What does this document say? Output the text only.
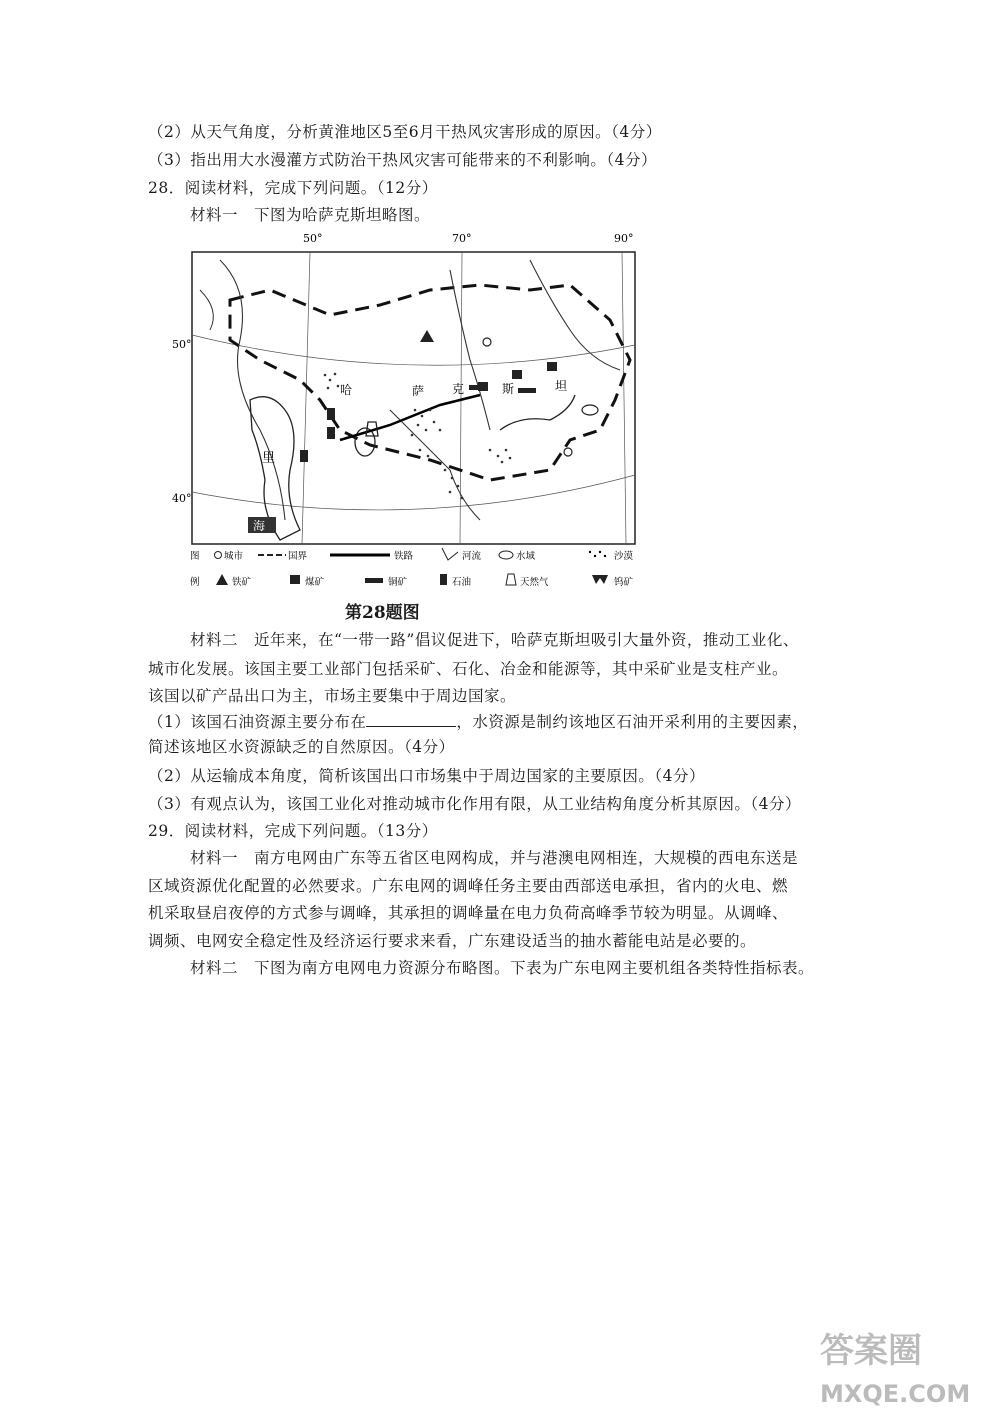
（2）从天气角度，分析黄淮地区5至6月干热风灾害形成的原因。（4分）
（3）指出用大水漫灌方式防治干热风灾害可能带来的不利影响。（4分）
28．阅读材料，完成下列问题。（12分）
材料一　下图为哈萨克斯坦略图。
50°	70°	90°
50°
40°
哈	萨 克	斯	坦
里
海
图	城市	国界	铁路	河流	水域	沙漠
例	铁矿	煤矿	铜矿	石油	天然气	钨矿
第28题图
材料二　近年来，在“一带一路”倡议促进下，哈萨克斯坦吸引大量外资，推动工业化、
城市化发展。该国主要工业部门包括采矿、石化、冶金和能源等，其中采矿业是支柱产业。
该国以矿产品出口为主，市场主要集中于周边国家。
（1）该国石油资源主要分布在	，水资源是制约该地区石油开采利用的主要因素，
简述该地区水资源缺乏的自然原因。（4分）
（2）从运输成本角度，简析该国出口市场集中于周边国家的主要原因。（4分）
（3）有观点认为，该国工业化对推动城市化作用有限，从工业结构角度分析其原因。（4分）
29．阅读材料，完成下列问题。（13分）
材料一　南方电网由广东等五省区电网构成，并与港澳电网相连，大规模的西电东送是
区域资源优化配置的必然要求。广东电网的调峰任务主要由西部送电承担，省内的火电、燃
机采取昼启夜停的方式参与调峰，其承担的调峰量在电力负荷高峰季节较为明显。从调峰、
调频、电网安全稳定性及经济运行要求来看，广东建设适当的抽水蓄能电站是必要的。
材料二　下图为南方电网电力资源分布略图。下表为广东电网主要机组各类特性指标表。
答案圈
MXQE.COM
